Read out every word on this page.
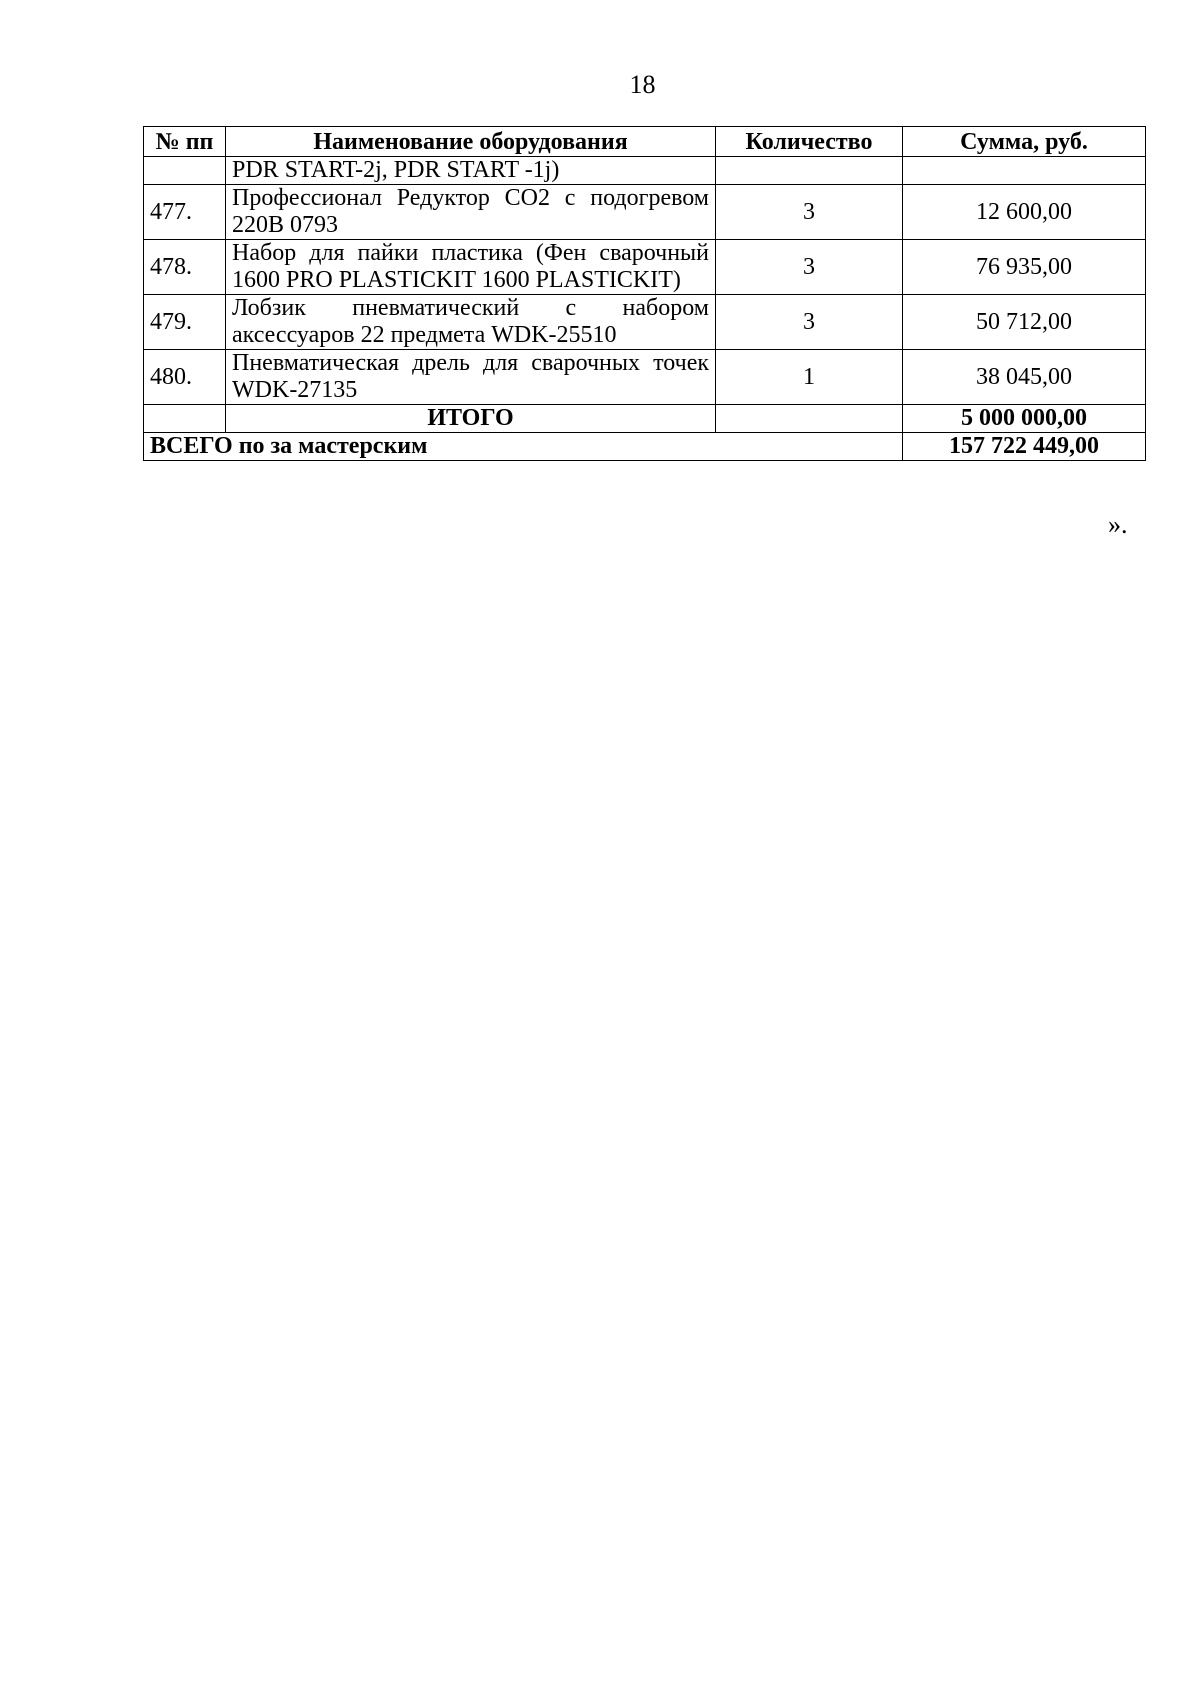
18
№ пп	Наименование оборудования	Количество	Сумма, руб.
	PDR START-2j, PDR START -1j)		
477.	Профессионал Редуктор CO2 с подогревом 220В 0793	3	12 600,00
478.	Набор для пайки пластика (Фен сварочный 1600 PRO PLASTICKIT 1600 PLASTICKIT)	3	76 935,00
479.	Лобзик пневматический с набором аксессуаров 22 предмета WDK-25510	3	50 712,00
480.	Пневматическая дрель для сварочных точек WDK-27135	1	38 045,00
	ИТОГО		5 000 000,00
ВСЕГО по за мастерским			157 722 449,00
».
